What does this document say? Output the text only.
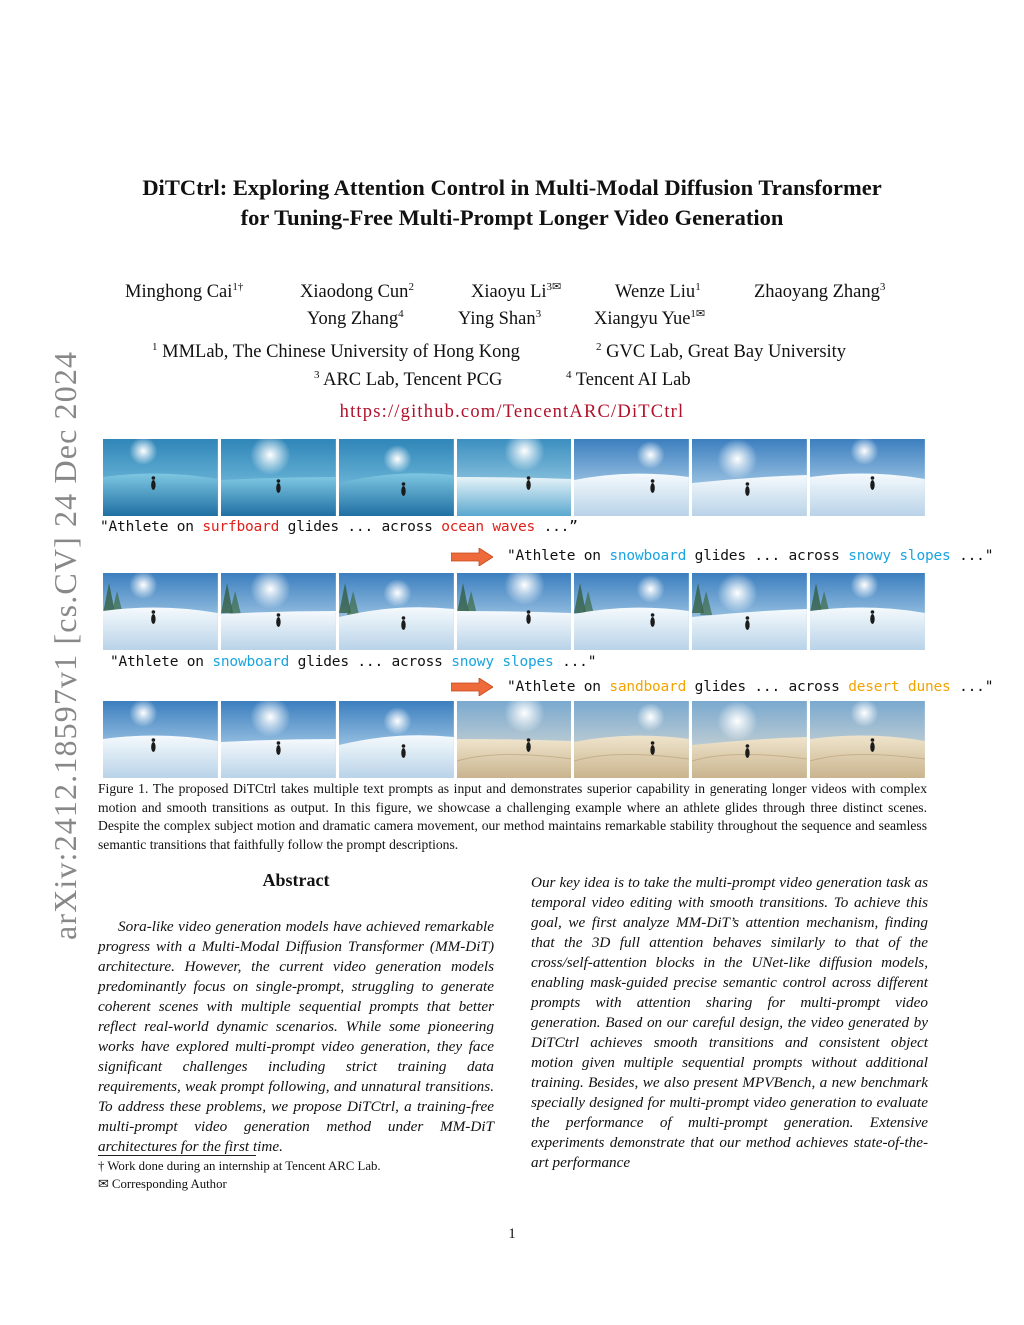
arXiv:2412.18597v1 [cs.CV] 24 Dec 2024
DiTCtrl: Exploring Attention Control in Multi-Modal Diffusion Transformer
for Tuning-Free Multi-Prompt Longer Video Generation
Minghong Cai$^{1\dagger}$	Xiaodong Cun$^2$	Xiaoyu $Li^{3✉}$	Wenze Liu$^1$	Zhaoyang Zhang$^3$
Yong Zhang$^4$	Ying Shan$^3$	Xiangyu Yue$^{1✉}$
$^1$ MMLab, The Chinese University of Hong Kong	$^2$ GVC Lab, Great Bay University
$^3$ ARC Lab, Tencent PCG	$^4$ Tencent AI Lab
https://github.com/TencentARC/DiTCtrl
"Athlete on surfboard glides ... across ocean waves ...”
"Athlete on snowboard glides ... across snowy slopes ..."
"Athlete on snowboard glides ... across snowy slopes ..."
"Athlete on sandboard glides ... across desert dunes ..."
Figure 1. The proposed DiTCtrl takes multiple text prompts as input and demonstrates superior capability in generating longer videos with complex motion and smooth transitions as output. In this figure, we showcase a challenging example where an athlete glides through three distinct scenes. Despite the complex subject motion and dramatic camera movement, our method maintains remarkable stability throughout the sequence and seamless semantic transitions that faithfully follow the prompt descriptions.
Abstract
Sora-like video generation models have achieved remarkable progress with a Multi-Modal Diffusion Transformer (MM-DiT) architecture. However, the current video generation models predominantly focus on single-prompt, struggling to generate coherent scenes with multiple sequential prompts that better reflect real-world dynamic scenarios. While some pioneering works have explored multi-prompt video generation, they face significant challenges including strict training data requirements, weak prompt following, and unnatural transitions. To address these problems, we propose DiTCtrl, a training-free multi-prompt video generation method under MM-DiT architectures for the first time.
Our key idea is to take the multi-prompt video generation task as temporal video editing with smooth transitions. To achieve this goal, we first analyze MM-DiT’s attention mechanism, finding that the 3D full attention behaves similarly to that of the cross/self-attention blocks in the UNet-like diffusion models, enabling mask-guided precise semantic control across different prompts with attention sharing for multi-prompt video generation. Based on our careful design, the video generated by DiTCtrl achieves smooth transitions and consistent object motion given multiple sequential prompts without additional training. Besides, we also present MPVBench, a new benchmark specially designed for multi-prompt video generation to evaluate the performance of multi-prompt generation. Extensive experiments demonstrate that our method achieves state-of-the-art performance
† Work done during an internship at Tencent ARC Lab.
✉ Corresponding Author
1
